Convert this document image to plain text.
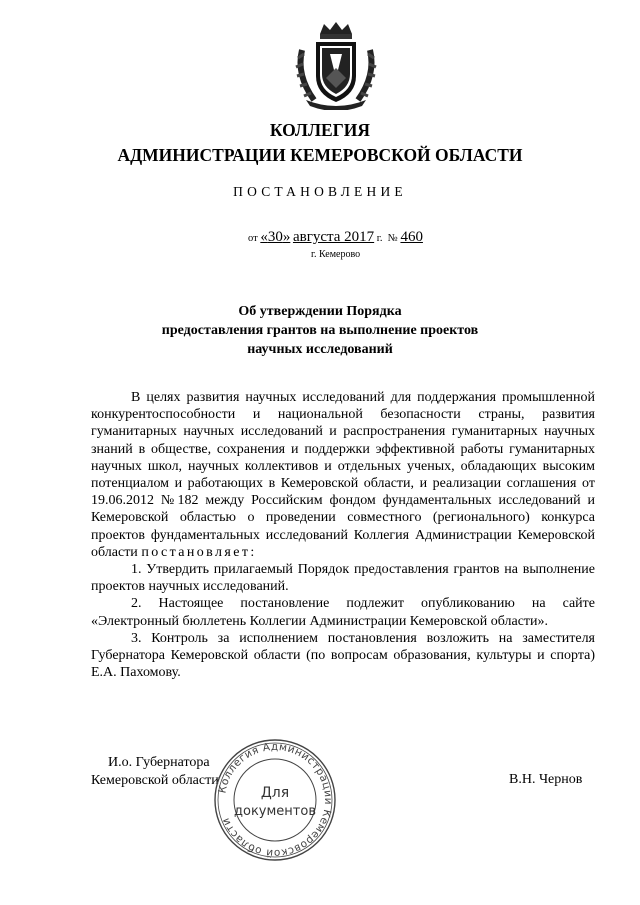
КОЛЛЕГИЯ
АДМИНИСТРАЦИИ КЕМЕРОВСКОЙ ОБЛАСТИ
ПОСТАНОВЛЕНИЕ
от «30» августа 2017 г. № 460
г. Кемерово
Об утверждении Порядка
предоставления грантов на выполнение проектов
научных исследований

В целях развития научных исследований для поддержания промышленной конкурентоспособности и национальной безопасности страны, развития гуманитарных научных исследований и распространения гуманитарных научных знаний в обществе, сохранения и поддержки эффективной работы гуманитарных научных школ, научных коллективов и отдельных ученых, обладающих высоким потенциалом и работающих в Кемеровской области, и реализации соглашения от 19.06.2012 №182 между Российским фондом фундаментальных исследований и Кемеровской областью о проведении совместного (регионального) конкурса проектов фундаментальных исследований Коллегия Администрации Кемеровской области постановляет:

1. Утвердить прилагаемый Порядок предоставления грантов на выполнение проектов научных исследований.

2. Настоящее постановление подлежит опубликованию на сайте «Электронный бюллетень Коллегии Администрации Кемеровской области».

3. Контроль за исполнением постановления возложить на заместителя Губернатора Кемеровской области (по вопросам образования, культуры и спорта) Е.А. Пахомову.

И.о. Губернатора
Кемеровской области	В.Н. Чернов
Коллегия Администрации Кемеровской области
Для
документов
